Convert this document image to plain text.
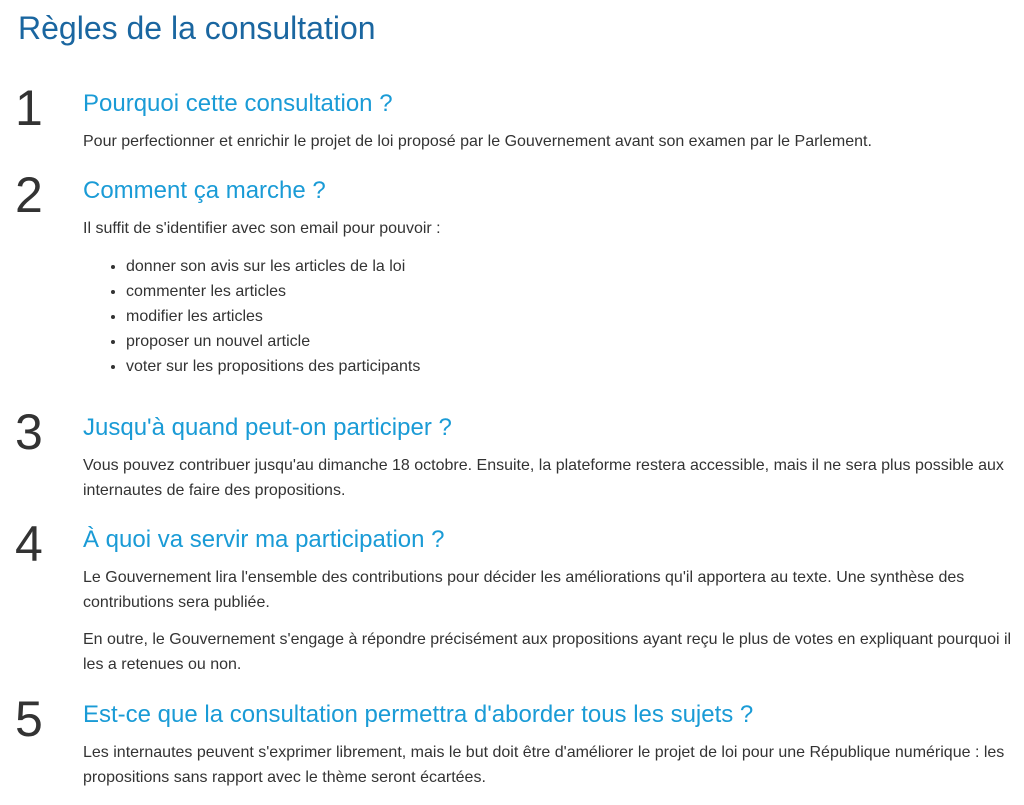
Règles de la consultation
1 Pourquoi cette consultation ?

Pour perfectionner et enrichir le projet de loi proposé par le Gouvernement avant son examen par le Parlement.

2 Comment ça marche ?

Il suffit de s'identifier avec son email pour pouvoir :

• donner son avis sur les articles de la loi
• commenter les articles
• modifier les articles
• proposer un nouvel article
• voter sur les propositions des participants
3 Jusqu'à quand peut-on participer ?

Vous pouvez contribuer jusqu'au dimanche 18 octobre. Ensuite, la plateforme restera accessible, mais il ne sera plus possible aux internautes de faire des propositions.

4 À quoi va servir ma participation ?

Le Gouvernement lira l'ensemble des contributions pour décider les améliorations qu'il apportera au texte. Une synthèse des contributions sera publiée.

En outre, le Gouvernement s'engage à répondre précisément aux propositions ayant reçu le plus de votes en expliquant pourquoi il les a retenues ou non.

5 Est-ce que la consultation permettra d'aborder tous les sujets ?

Les internautes peuvent s'exprimer librement, mais le but doit être d'améliorer le projet de loi pour une République numérique : les propositions sans rapport avec le thème seront écartées.
